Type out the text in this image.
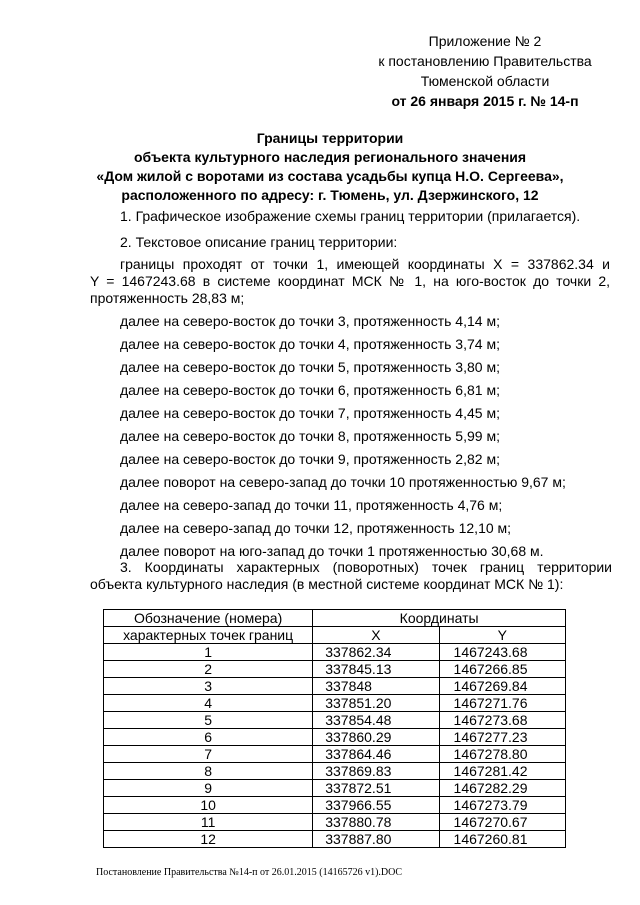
Приложение № 2
к постановлению Правительства
Тюменской области
от 26 января 2015 г. № 14-п
Границы территории
объекта культурного наследия регионального значения
«Дом жилой с воротами из состава усадьбы купца Н.О. Сергеева»,
расположенного по адресу: г. Тюмень, ул. Дзержинского, 12
1. Графическое изображение схемы границ территории (прилагается).
2. Текстовое описание границ территории:
границы проходят от точки 1, имеющей координаты X = 337862.34 и
Y = 1467243.68 в системе координат МСК № 1, на юго-восток до точки 2,
протяженность 28,83 м;
далее на северо-восток до точки 3, протяженность 4,14 м;
далее на северо-восток до точки 4, протяженность 3,74 м;
далее на северо-восток до точки 5, протяженность 3,80 м;
далее на северо-восток до точки 6, протяженность 6,81 м;
далее на северо-восток до точки 7, протяженность 4,45 м;
далее на северо-восток до точки 8, протяженность 5,99 м;
далее на северо-восток до точки 9, протяженность 2,82 м;
далее поворот на северо-запад до точки 10 протяженностью 9,67 м;
далее на северо-запад до точки 11, протяженность 4,76 м;
далее на северо-запад до точки 12, протяженность 12,10 м;
далее поворот на юго-запад до точки 1 протяженностью 30,68 м.
3. Координаты характерных (поворотных) точек границ территории
объекта культурного наследия (в местной системе координат МСК № 1):
Обозначение (номера)	Координаты	
характерных точек границ	X	Y
1	337862.34	1467243.68
2	337845.13	1467266.85
3	337848	1467269.84
4	337851.20	1467271.76
5	337854.48	1467273.68
6	337860.29	1467277.23
7	337864.46	1467278.80
8	337869.83	1467281.42
9	337872.51	1467282.29
10	337966.55	1467273.79
11	337880.78	1467270.67
12	337887.80	1467260.81
Постановление Правительства №14-п от 26.01.2015 (14165726 v1).DOC
